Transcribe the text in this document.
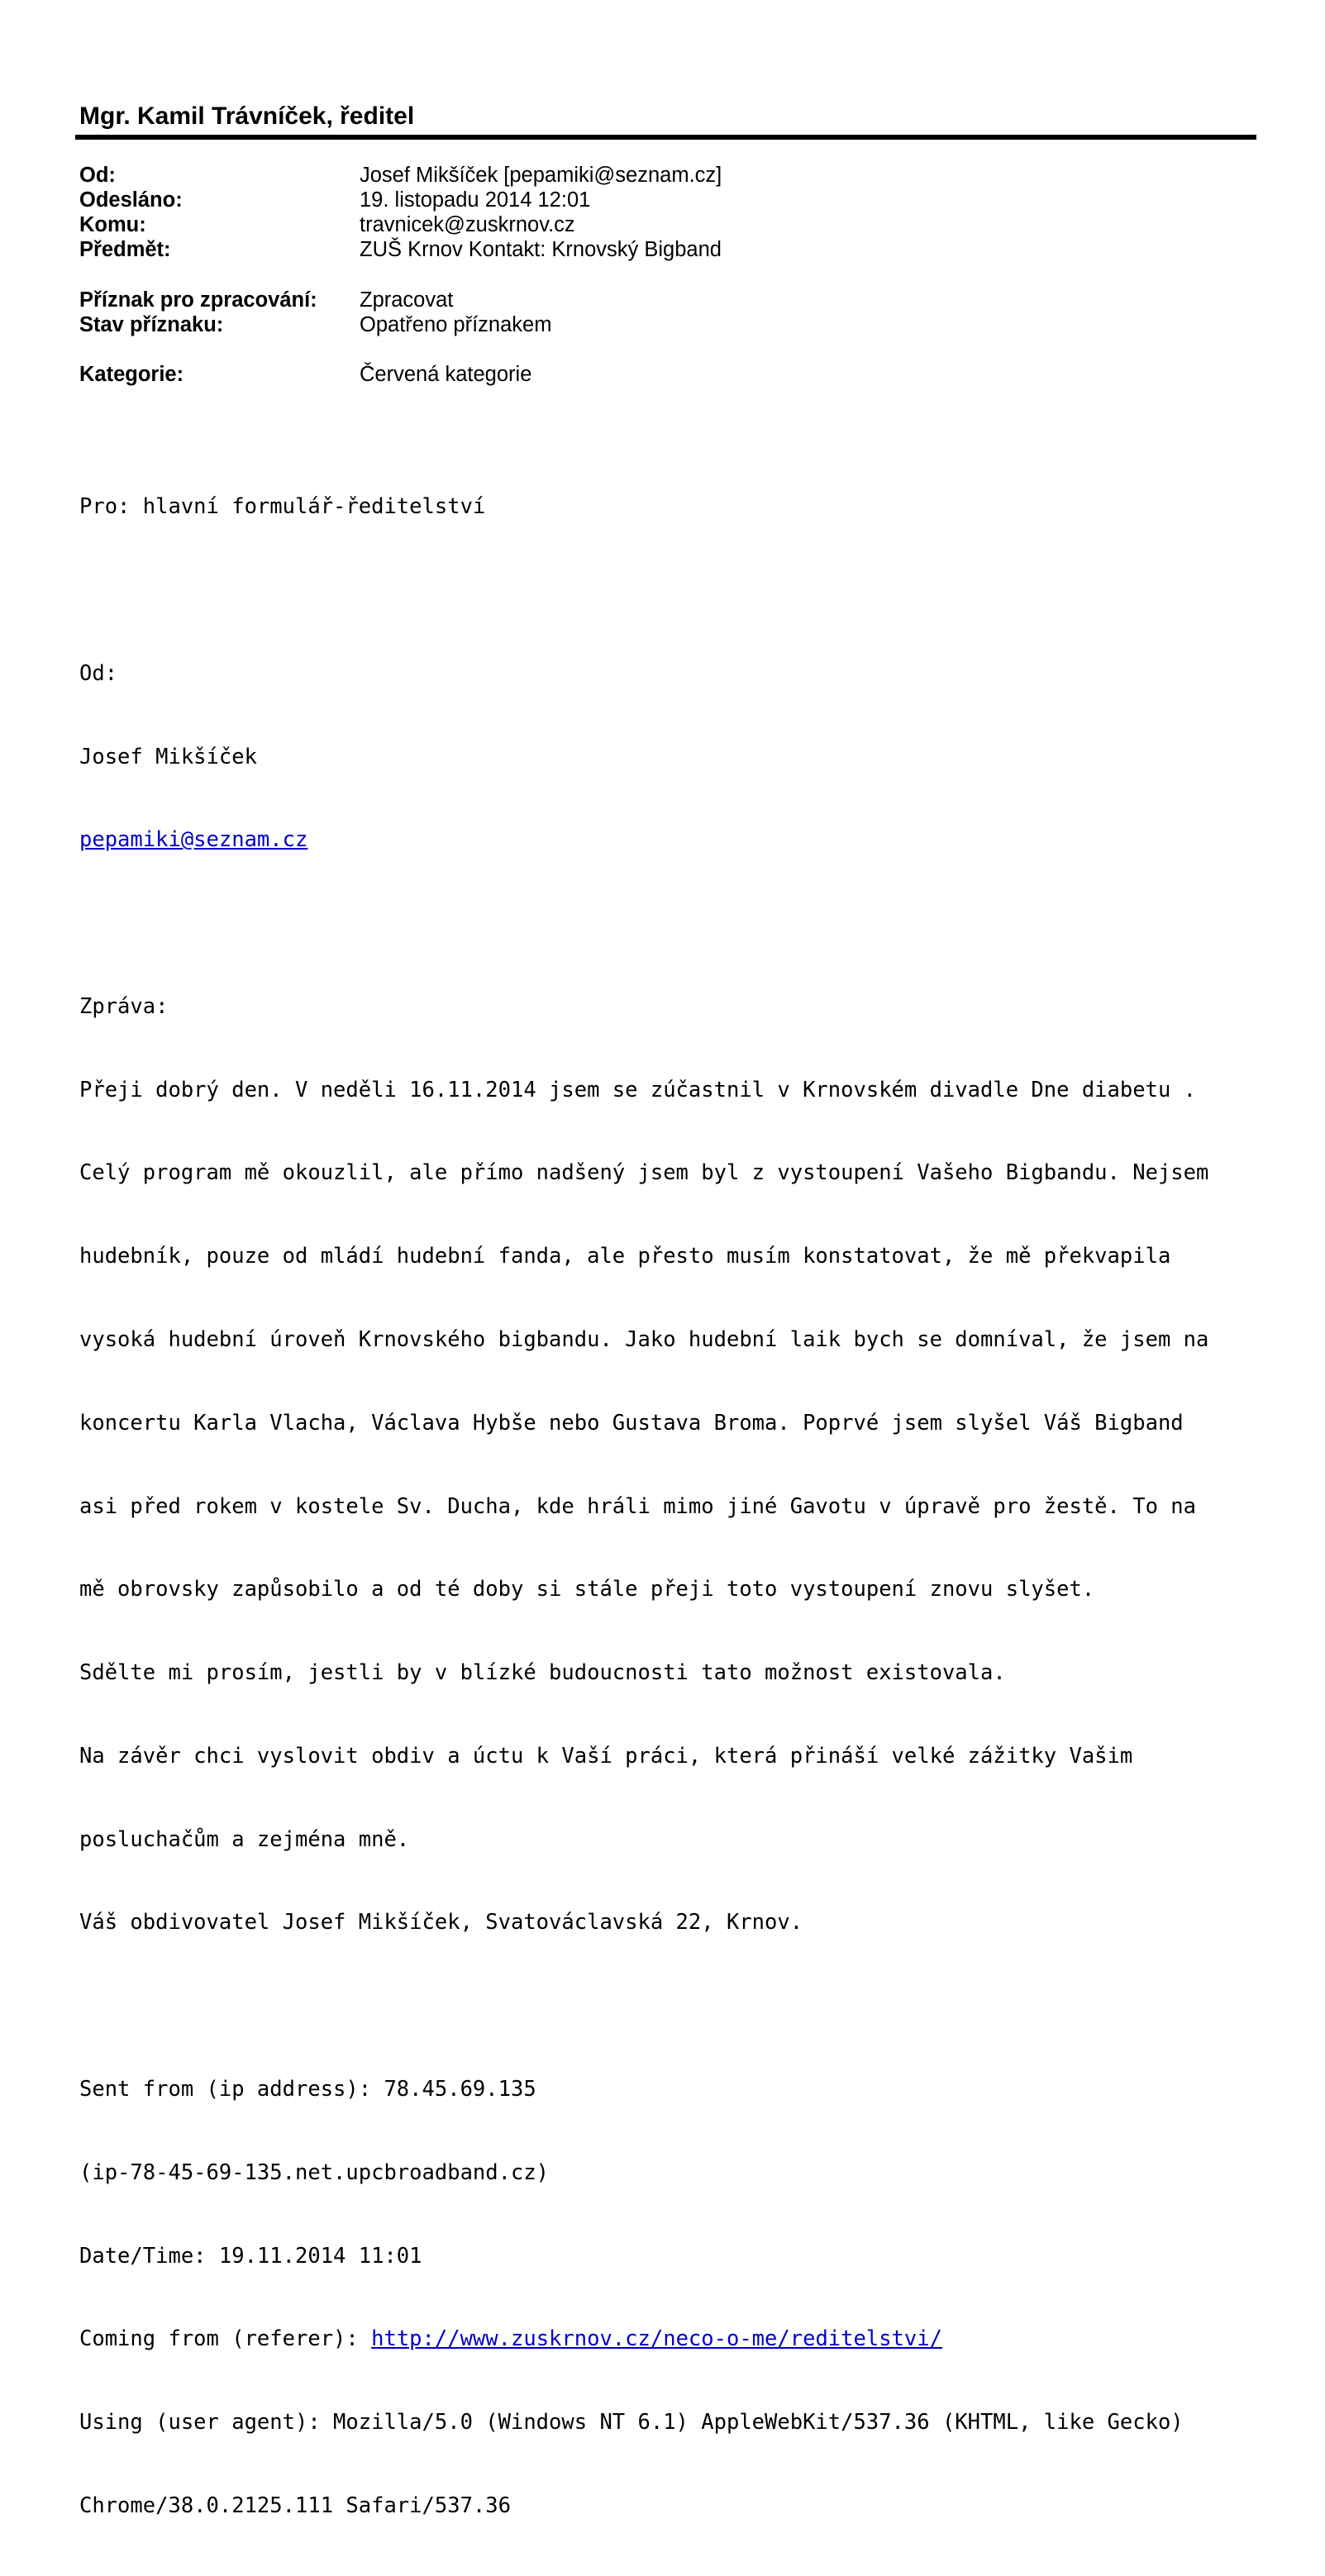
Mgr. Kamil Trávníček, ředitel
Od:	Josef Mikšíček [pepamiki@seznam.cz]
Odesláno:	19. listopadu 2014 12:01
Komu:	travnicek@zuskrnov.cz
Předmět:	ZUŠ Krnov Kontakt: Krnovský Bigband
Příznak pro zpracování: Zpracovat
Stav příznaku:	Opatřeno příznakem
Kategorie:	Červená kategorie

Pro: hlavní formulář-ředitelství

Od:

Josef Mikšíček

pepamiki@seznam.cz

Zpráva:

Přeji dobrý den. V neděli 16.11.2014 jsem se zúčastnil v Krnovském divadle Dne diabetu .

Celý program mě okouzlil, ale přímo nadšený jsem byl z vystoupení Vašeho Bigbandu. Nejsem

hudebník, pouze od mládí hudební fanda, ale přesto musím konstatovat, že mě překvapila

vysoká hudební úroveň Krnovského bigbandu. Jako hudební laik bych se domníval, že jsem na

koncertu Karla Vlacha, Václava Hybše nebo Gustava Broma. Poprvé jsem slyšel Váš Bigband

asi před rokem v kostele Sv. Ducha, kde hráli mimo jiné Gavotu v úpravě pro žestě. To na

mě obrovsky zapůsobilo a od té doby si stále přeji toto vystoupení znovu slyšet.

Sdělte mi prosím, jestli by v blízké budoucnosti tato možnost existovala.

Na závěr chci vyslovit obdiv a úctu k Vaší práci, která přináší velké zážitky Vašim

posluchačům a zejména mně.

Váš obdivovatel Josef Mikšíček, Svatováclavská 22, Krnov.

Sent from (ip address): 78.45.69.135

(ip-78-45-69-135.net.upcbroadband.cz)

Date/Time: 19.11.2014 11:01

Coming from (referer): http://www.zuskrnov.cz/neco-o-me/reditelstvi/

Using (user agent): Mozilla/5.0 (Windows NT 6.1) AppleWebKit/537.36 (KHTML, like Gecko)

Chrome/38.0.2125.111 Safari/537.36
